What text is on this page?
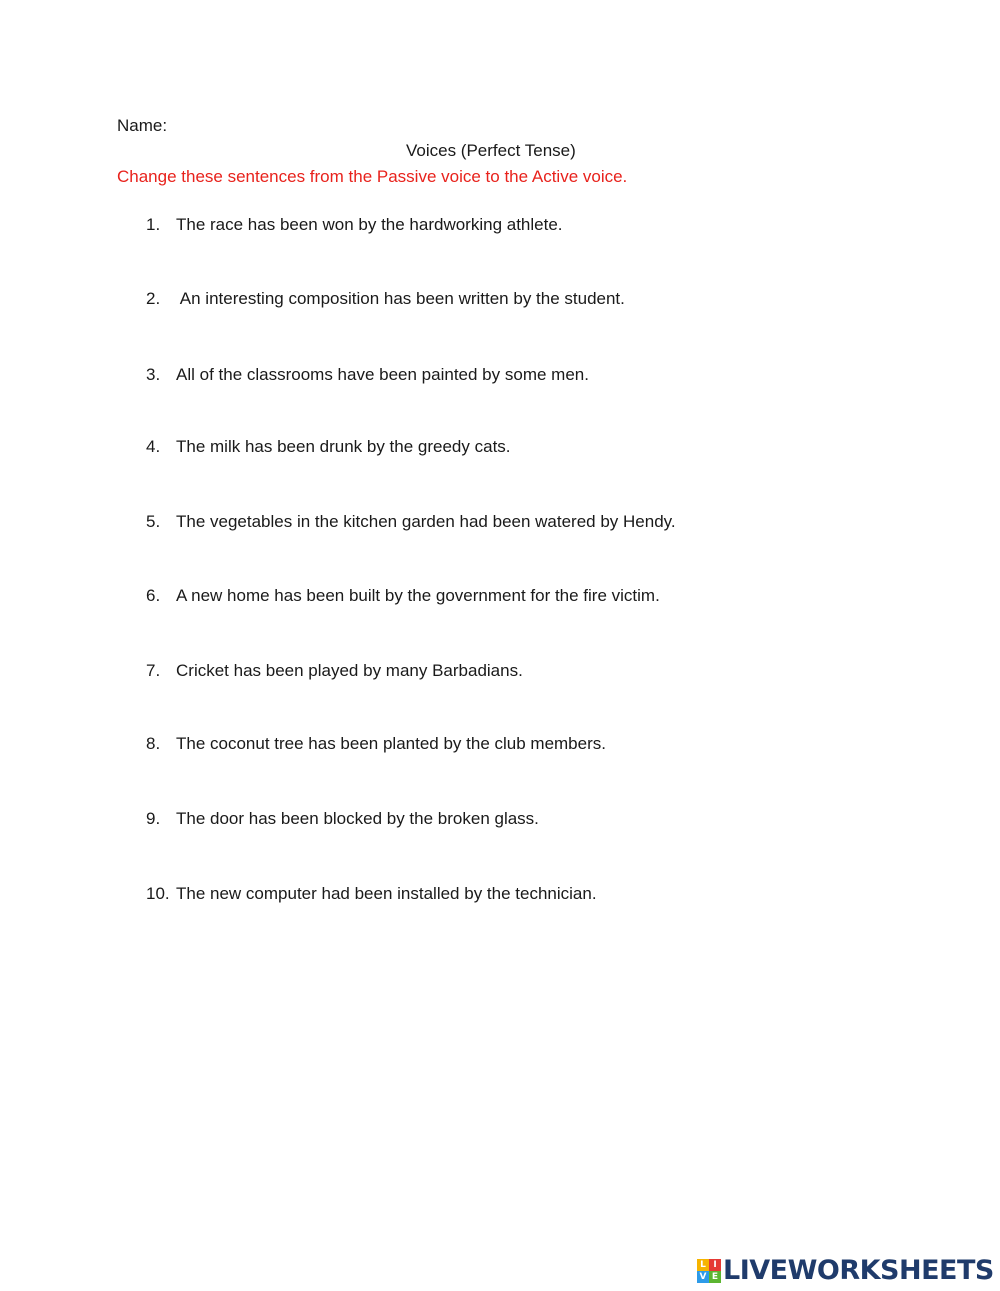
Name:
Voices (Perfect Tense)
Change these sentences from the Passive voice to the Active voice.
1. The race has been won by the hardworking athlete.
2. An interesting composition has been written by the student.
3. All of the classrooms have been painted by some men.
4. The milk has been drunk by the greedy cats.
5. The vegetables in the kitchen garden had been watered by Hendy.
6. A new home has been built by the government for the fire victim.
7. Cricket has been played by many Barbadians.
8. The coconut tree has been planted by the club members.
9. The door has been blocked by the broken glass.
10. The new computer had been installed by the technician.
L I
V E LIVEWORKSHEETS
